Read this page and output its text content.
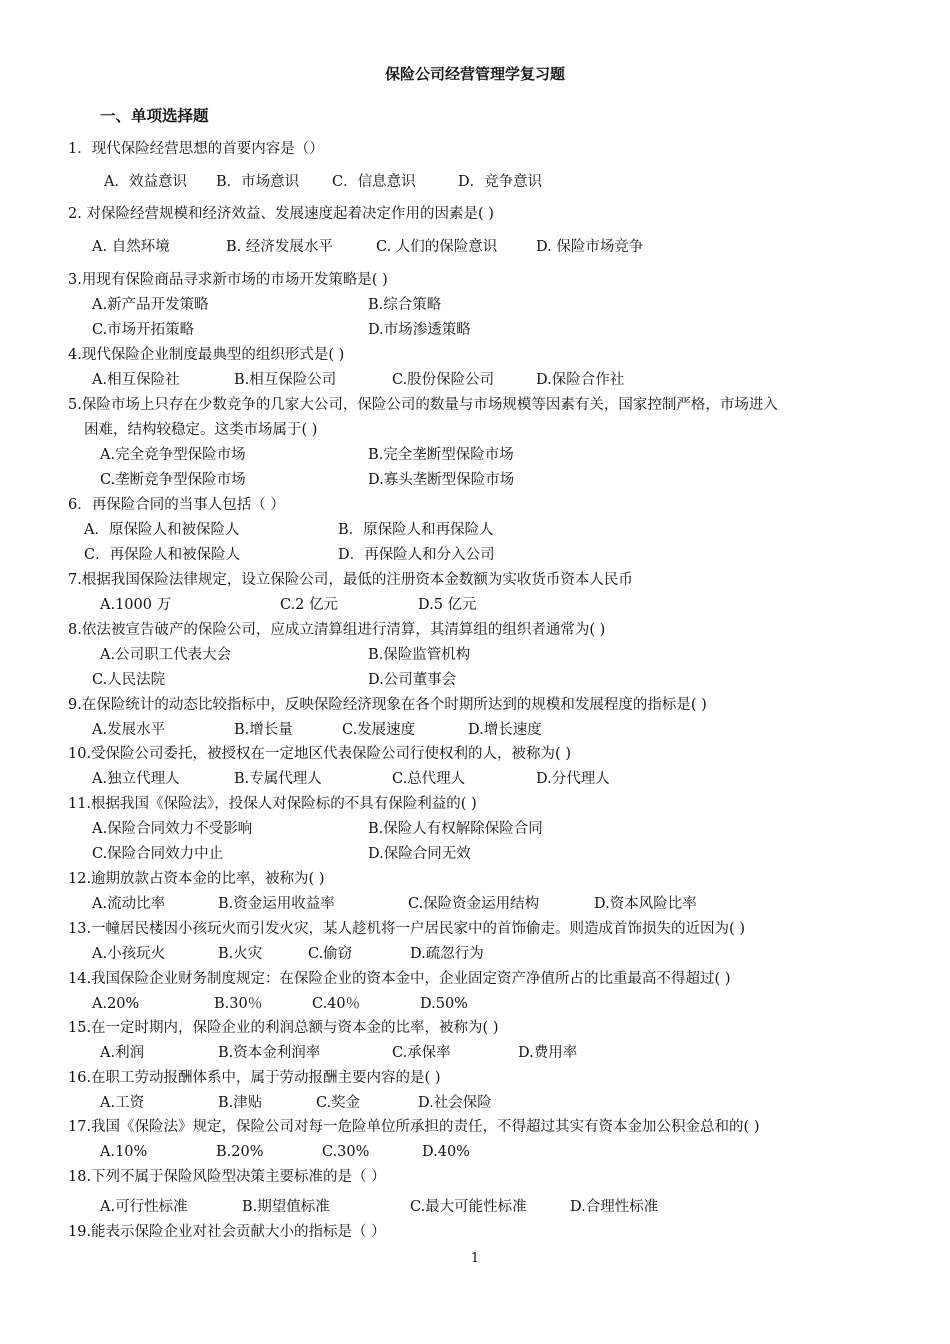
保险公司经营管理学复习题
一、单项选择题
1．现代保险经营思想的首要内容是（）
A．效益意识 B．市场意识 C．信息意识	D．竞争意识
2. 对保险经营规模和经济效益、发展速度起着决定作用的因素是( )
A. 自然环境	B. 经济发展水平	C. 人们的保险意识	D. 保险市场竞争
3.用现有保险商品寻求新市场的市场开发策略是( )
A.新产品开发策略	B.综合策略
C.市场开拓策略	D.市场渗透策略
4.现代保险企业制度最典型的组织形式是( )
A.相互保险社	B.相互保险公司	C.股份保险公司	D.保险合作社
5.保险市场上只存在少数竞争的几家大公司，保险公司的数量与市场规模等因素有关，国家控制严格，市场进入
困难，结构较稳定。这类市场属于( )
A.完全竞争型保险市场	B.完全垄断型保险市场
C.垄断竞争型保险市场	D.寡头垄断型保险市场
6．再保险合同的当事人包括（ ）
A．原保险人和被保险人	B．原保险人和再保险人
C．再保险人和被保险人	D．再保险人和分入公司
7.根据我国保险法律规定，设立保险公司，最低的注册资本金数额为实收货币资本人民币
A.1000 万	C.2 亿元	D.5 亿元
8.依法被宣告破产的保险公司，应成立清算组进行清算，其清算组的组织者通常为( )
A.公司职工代表大会	B.保险监管机构
C.人民法院	D.公司董事会
9.在保险统计的动态比较指标中，反映保险经济现象在各个时期所达到的规模和发展程度的指标是( )
A.发展水平	B.增长量	C.发展速度	D.增长速度
10.受保险公司委托，被授权在一定地区代表保险公司行使权利的人，被称为( )
A.独立代理人	B.专属代理人	C.总代理人	D.分代理人
11.根据我国《保险法》，投保人对保险标的不具有保险利益的( )
A.保险合同效力不受影响	B.保险人有权解除保险合同
C.保险合同效力中止	D.保险合同无效
12.逾期放款占资本金的比率，被称为( )
A.流动比率	B.资金运用收益率	C.保险资金运用结构	D.资本风险比率
13.一幢居民楼因小孩玩火而引发火灾，某人趁机将一户居民家中的首饰偷走。则造成首饰损失的近因为( )
A.小孩玩火	B.火灾	C.偷窃	D.疏忽行为
14.我国保险企业财务制度规定：在保险企业的资本金中，企业固定资产净值所占的比重最高不得超过( )
A.20%	B.30％	C.40％	D.50%
15.在一定时期内，保险企业的利润总额与资本金的比率，被称为( )
A.利润	B.资本金利润率	C.承保率	D.费用率
16.在职工劳动报酬体系中，属于劳动报酬主要内容的是( )
A.工资	B.津贴	C.奖金	D.社会保险
17.我国《保险法》规定，保险公司对每一危险单位所承担的责任，不得超过其实有资本金加公积金总和的( )
A.10%	B.20%	C.30%	D.40%
18.下列不属于保险风险型决策主要标准的是（ ）
A.可行性标准	B.期望值标准	C.最大可能性标准	D.合理性标准
19.能表示保险企业对社会贡献大小的指标是（ ）
1
